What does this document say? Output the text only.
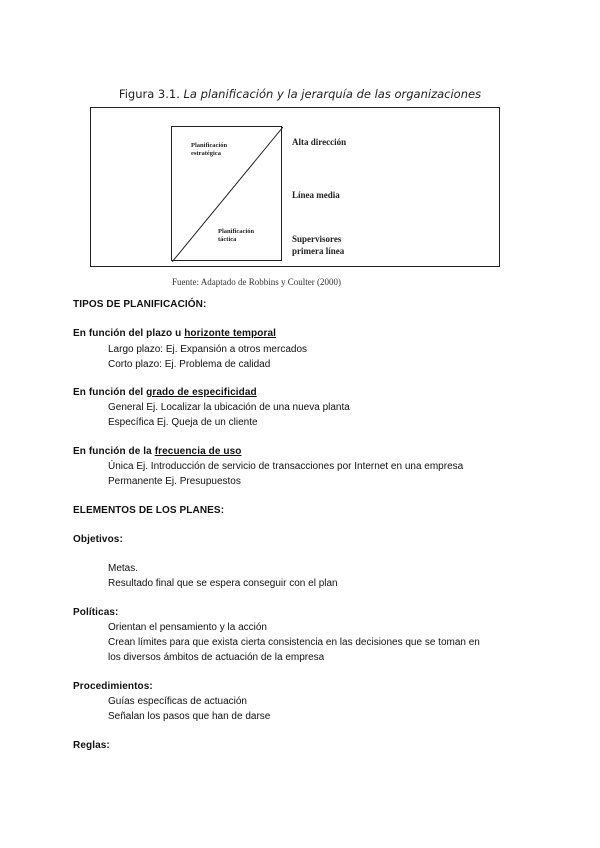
Figura 3.1. La planificación y la jerarquía de las organizaciones
Planificación
estratégica
Planificación
táctica
Alta dirección
Línea media
Supervisores
primera línea
Fuente: Adaptado de Robbins y Coulter (2000)
TIPOS DE PLANIFICACIÓN:
En función del plazo u horizonte temporal
Largo plazo: Ej. Expansión a otros mercados
Corto plazo: Ej. Problema de calidad
En función del grado de especificidad
General Ej. Localizar la ubicación de una nueva planta
Específica Ej. Queja de un cliente
En función de la frecuencia de uso
Única Ej. Introducción de servicio de transacciones por Internet en una empresa
Permanente Ej. Presupuestos
ELEMENTOS DE LOS PLANES:
Objetivos:
Metas.
Resultado final que se espera conseguir con el plan
Políticas:
Orientan el pensamiento y la acción
Crean límites para que exista cierta consistencia en las decisiones que se toman en
los diversos ámbitos de actuación de la empresa
Procedimientos:
Guías específicas de actuación
Señalan los pasos que han de darse
Reglas:
